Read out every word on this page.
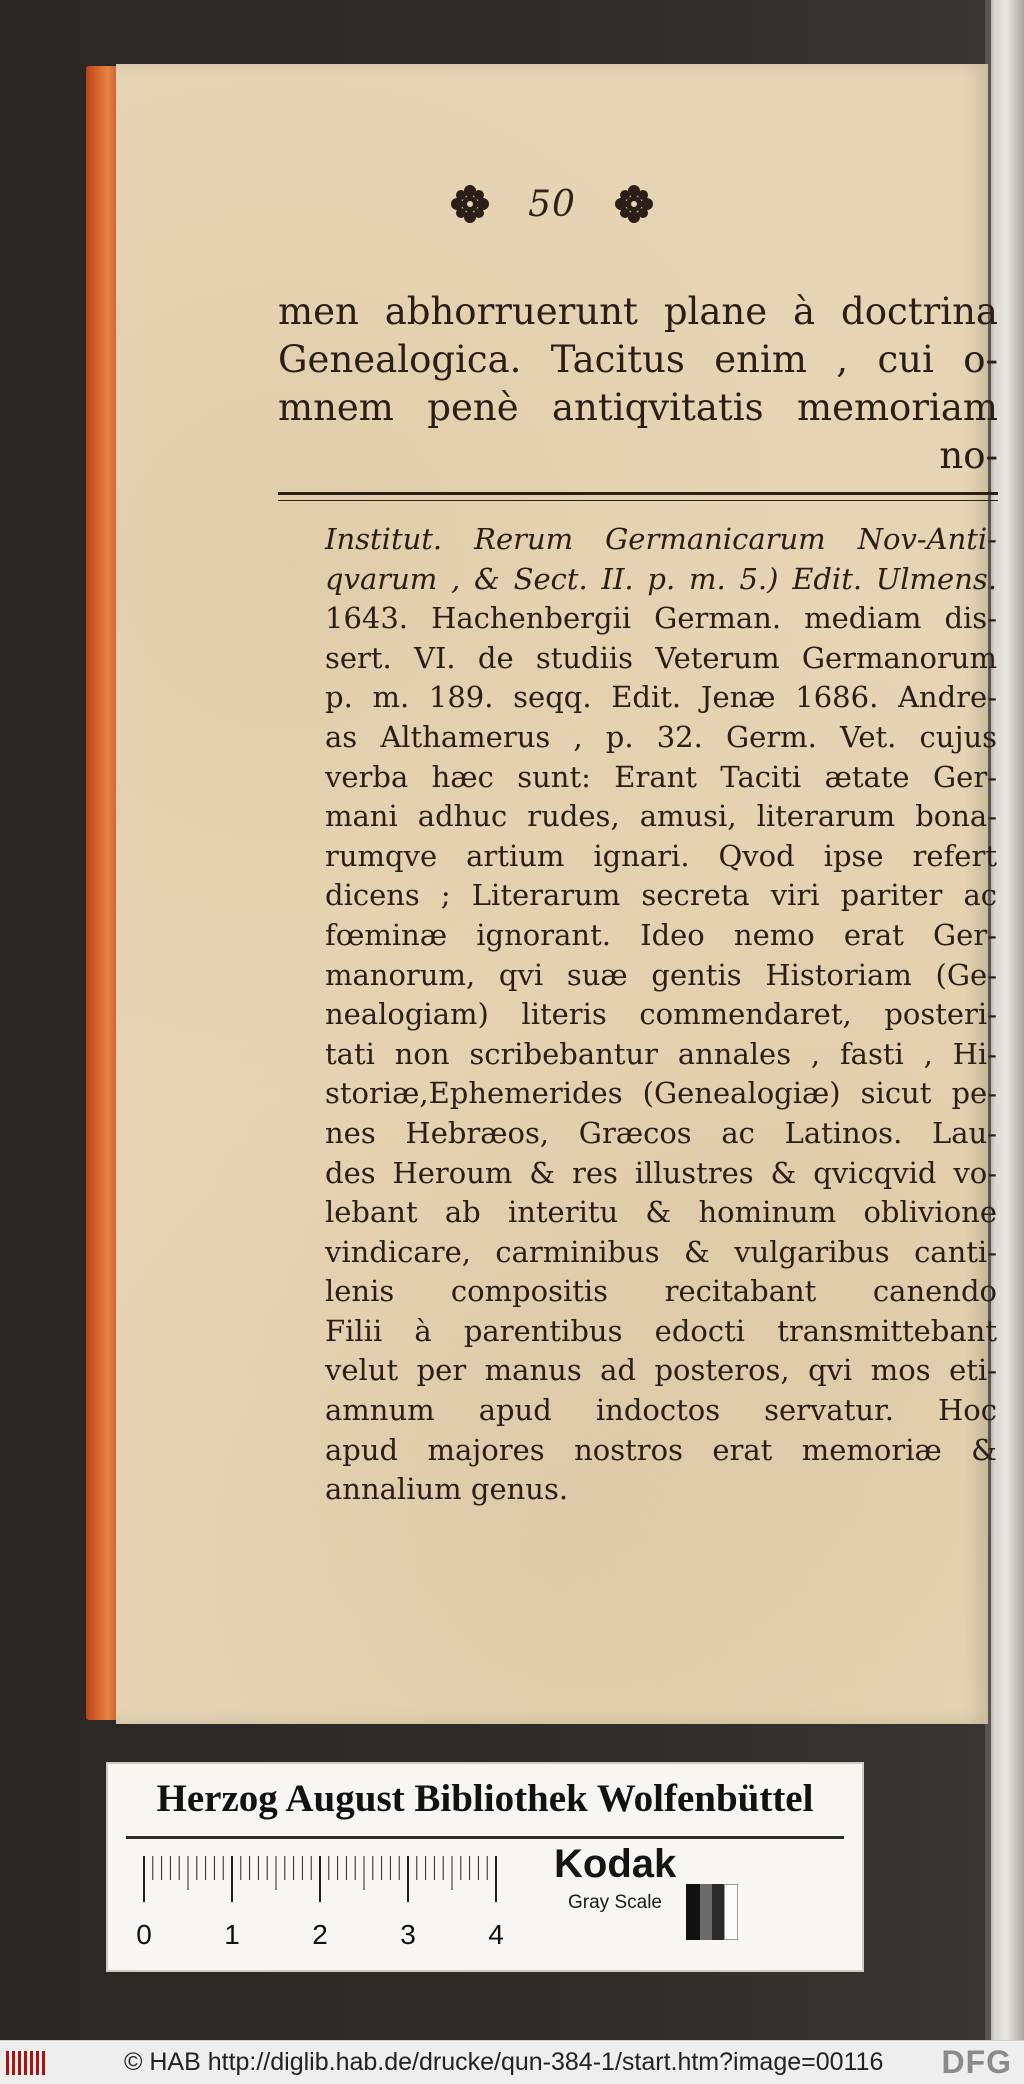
50
men abhorruerunt plane à doctrina
Genealogica. Tacitus enim , cui o-
mnem penè antiqvitatis memoriam
no-
Institut. Rerum Germanicarum Nov-Anti-
qvarum , & Sect. II. p. m. 5.) Edit. Ulmens.
1643. Hachenbergii German. mediam dis-
sert. VI. de studiis Veterum Germanorum
p. m. 189. seqq. Edit. Jenæ 1686. Andre-
as Althamerus , p. 32. Germ. Vet. cujus
verba hæc sunt: Erant Taciti ætate Ger-
mani adhuc rudes, amusi, literarum bona-
rumqve artium ignari. Qvod ipse refert
dicens ; Literarum secreta viri pariter ac
fœminæ ignorant. Ideo nemo erat Ger-
manorum, qvi suæ gentis Historiam (Ge-
nealogiam) literis commendaret, posteri-
tati non scribebantur annales , fasti , Hi-
storiæ,Ephemerides (Genealogiæ) sicut pe-
nes Hebræos, Græcos ac Latinos. Lau-
des Heroum & res illustres & qvicqvid vo-
lebant ab interitu & hominum oblivione
vindicare, carminibus & vulgaribus canti-
lenis compositis recitabant canendo
Filii à parentibus edocti transmittebant
velut per manus ad posteros, qvi mos eti-
amnum apud indoctos servatur. Hoc
apud majores nostros erat memoriæ &
annalium genus.
Herzog August Bibliothek Wolfenbüttel
0	1	2	3	4
Kodak
Gray Scale
© HAB http://diglib.hab.de/drucke/qun-384-1/start.htm?image=00116 DFG
